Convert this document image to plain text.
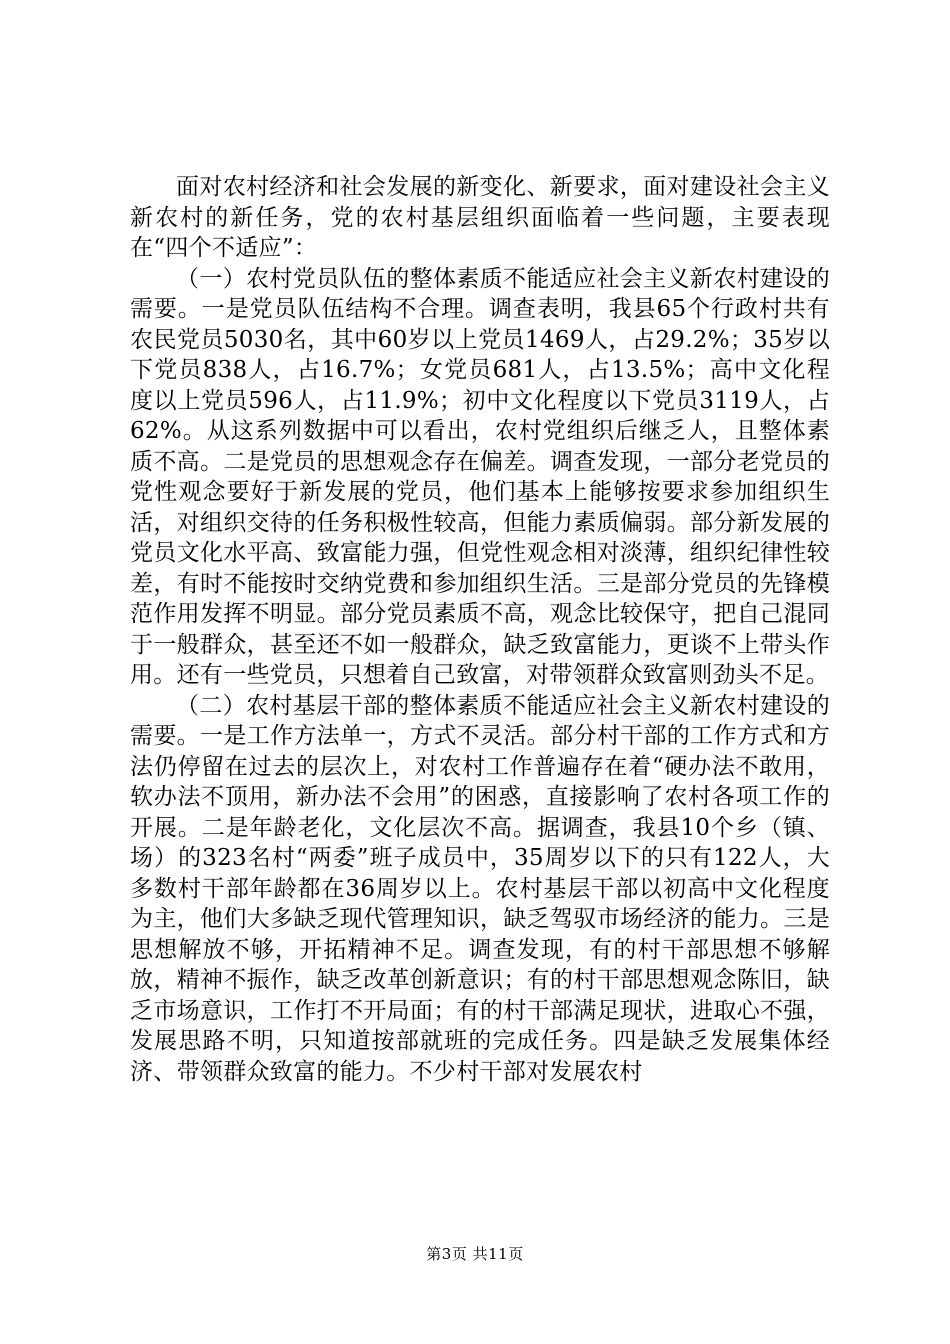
面对农村经济和社会发展的新变化、新要求，面对建设社会主义新农村的新任务，党的农村基层组织面临着一些问题，主要表现在“四个不适应”：

（一）农村党员队伍的整体素质不能适应社会主义新农村建设的需要。一是党员队伍结构不合理。调查表明，我县65个行政村共有农民党员5030名，其中60岁以上党员1469人，占29.2%；35岁以下党员838人，占16.7%；女党员681人，占13.5%；高中文化程度以上党员596人，占11.9%；初中文化程度以下党员3119人，占62%。从这系列数据中可以看出，农村党组织后继乏人，且整体素质不高。二是党员的思想观念存在偏差。调查发现，一部分老党员的党性观念要好于新发展的党员，他们基本上能够按要求参加组织生活，对组织交待的任务积极性较高，但能力素质偏弱。部分新发展的党员文化水平高、致富能力强，但党性观念相对淡薄，组织纪律性较差，有时不能按时交纳党费和参加组织生活。三是部分党员的先锋模范作用发挥不明显。部分党员素质不高，观念比较保守，把自己混同于一般群众，甚至还不如一般群众，缺乏致富能力，更谈不上带头作用。还有一些党员，只想着自己致富，对带领群众致富则劲头不足。

（二）农村基层干部的整体素质不能适应社会主义新农村建设的需要。一是工作方法单一，方式不灵活。部分村干部的工作方式和方法仍停留在过去的层次上，对农村工作普遍存在着“硬办法不敢用，软办法不顶用，新办法不会用”的困惑，直接影响了农村各项工作的开展。二是年龄老化，文化层次不高。据调查，我县10个乡（镇、场）的323名村“两委”班子成员中，35周岁以下的只有122人，大多数村干部年龄都在36周岁以上。农村基层干部以初高中文化程度为主，他们大多缺乏现代管理知识，缺乏驾驭市场经济的能力。三是思想解放不够，开拓精神不足。调查发现，有的村干部思想不够解放，精神不振作，缺乏改革创新意识；有的村干部思想观念陈旧，缺乏市场意识，工作打不开局面；有的村干部满足现状，进取心不强，发展思路不明，只知道按部就班的完成任务。四是缺乏发展集体经济、带领群众致富的能力。不少村干部对发展农村

第3页 共11页
